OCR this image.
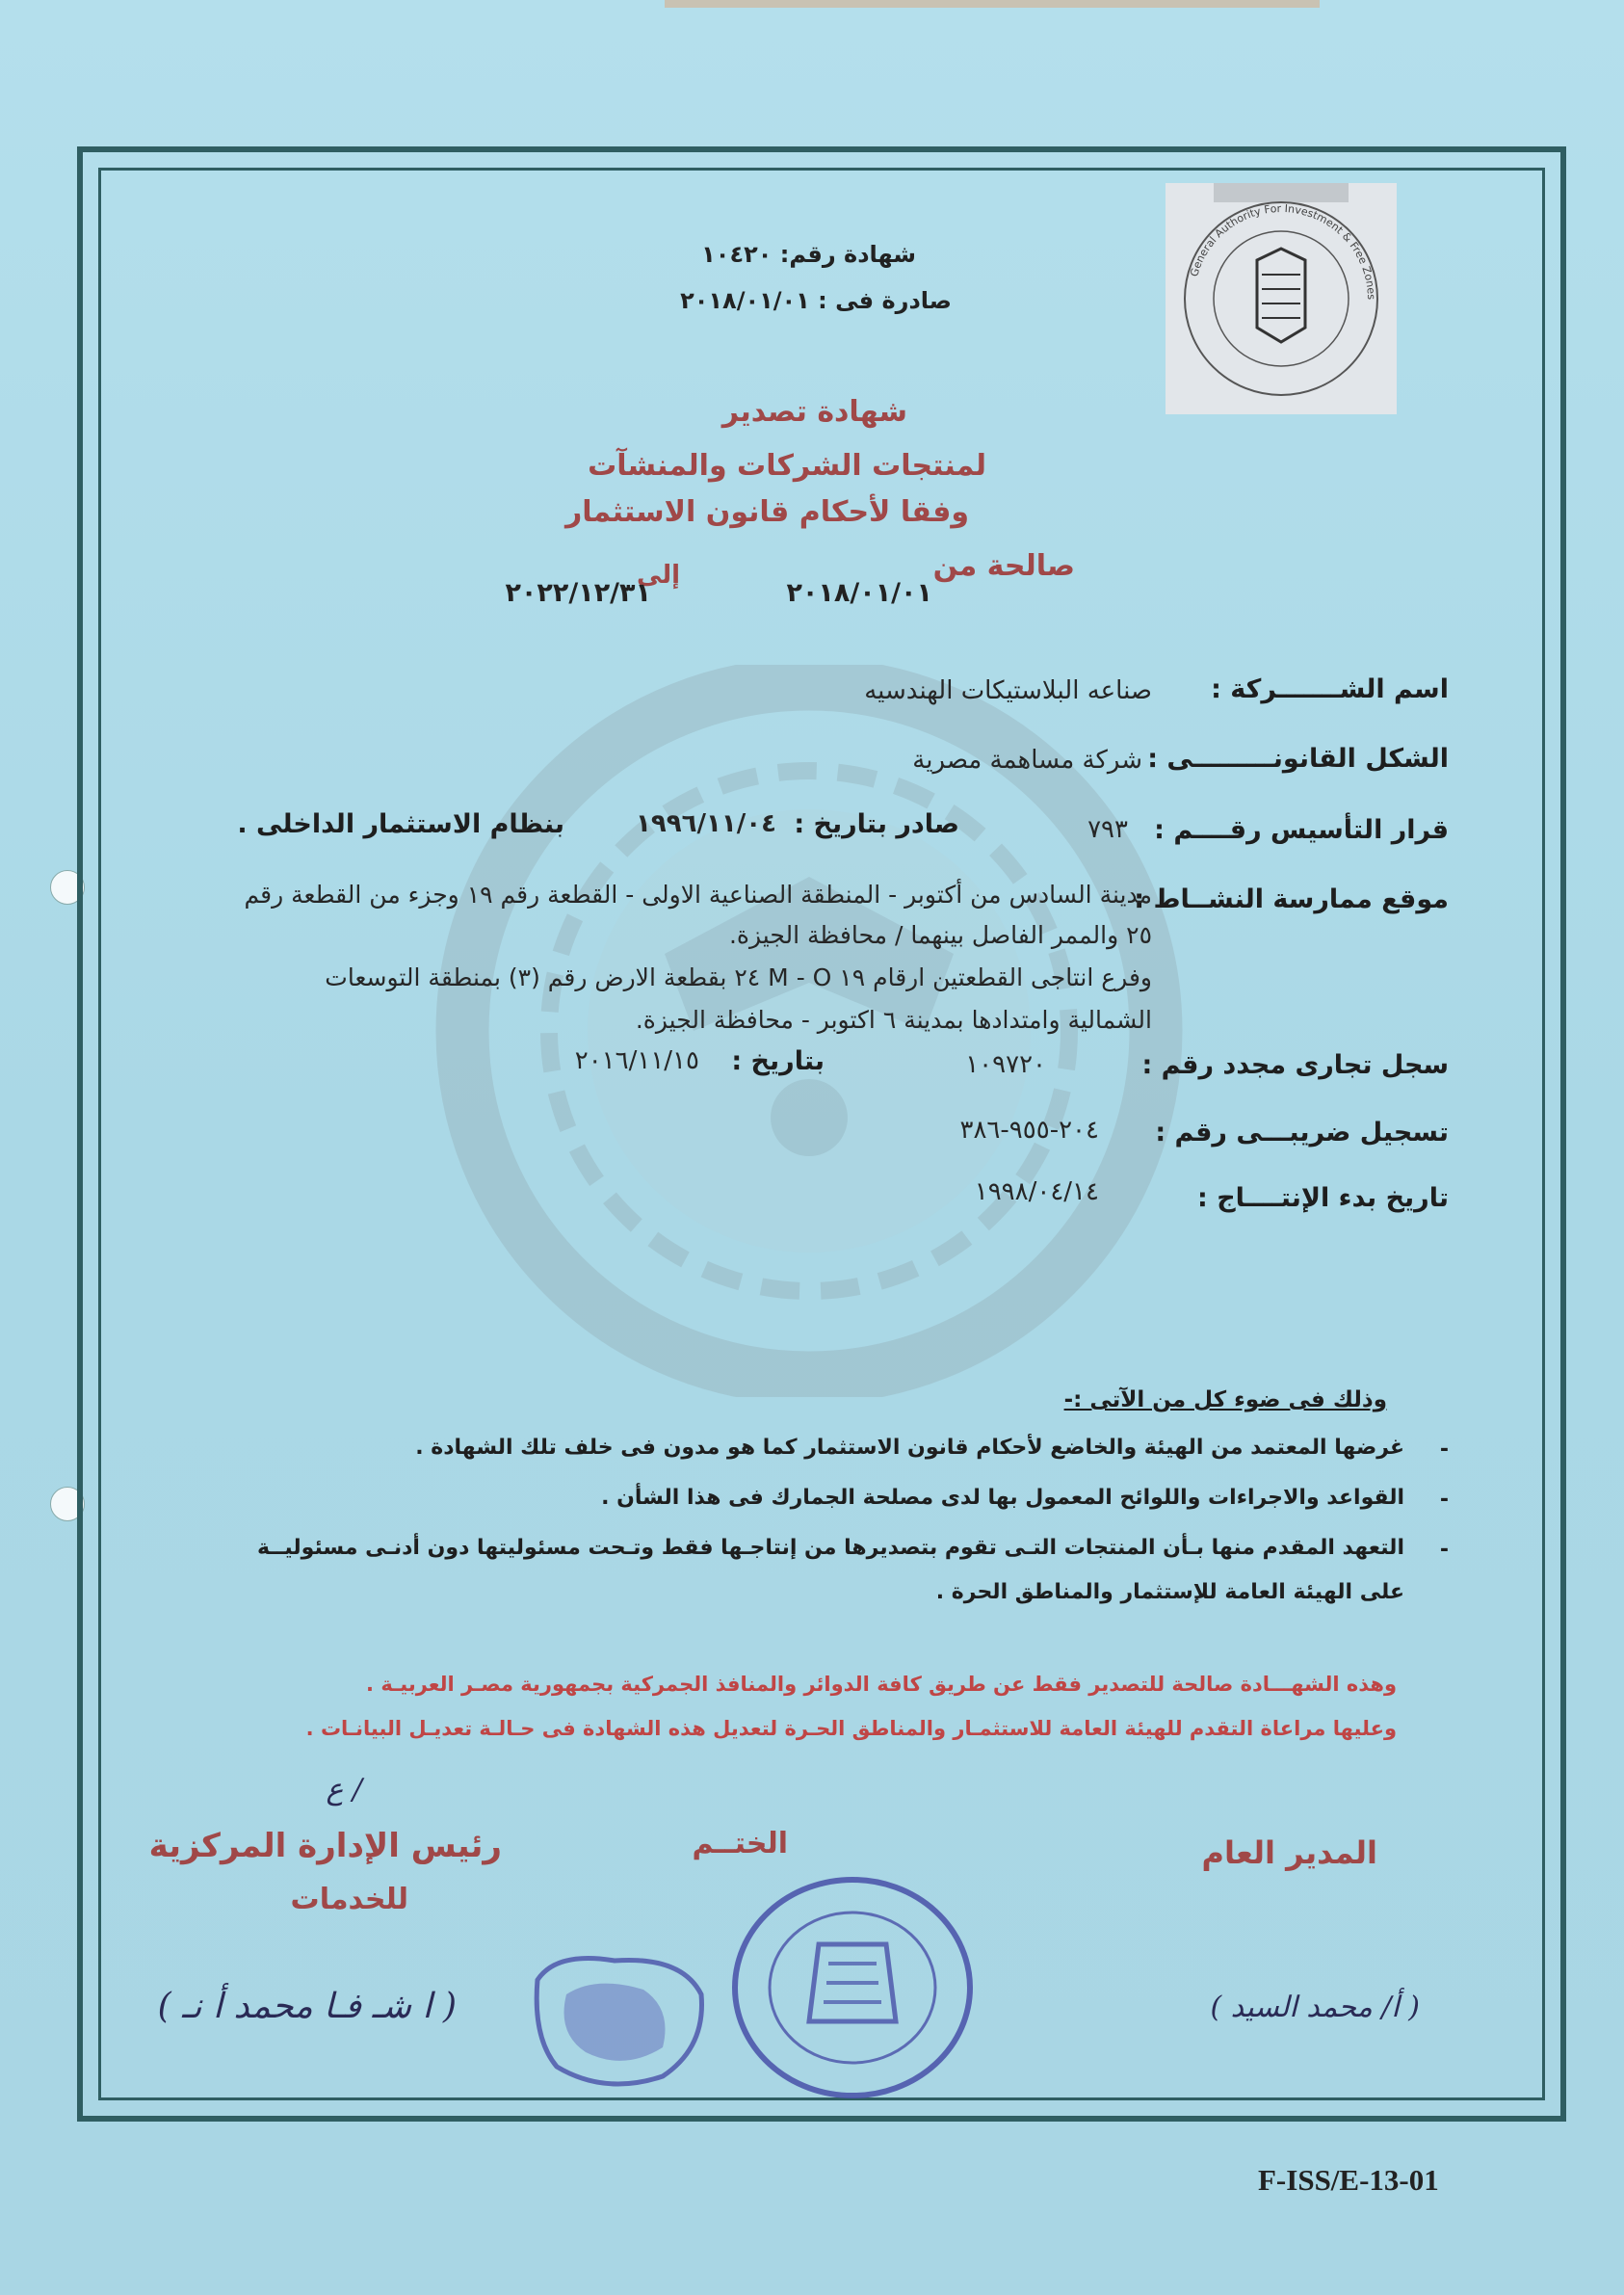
General Authority For Investment & Free Zones
شهادة رقم: ١٠٤٢٠
صادرة فى : ٢٠١٨/٠١/٠١
شهادة تصدير
لمنتجات الشركات والمنشآت
وفقا لأحكام قانون الاستثمار
صالحة من
٢٠١٨/٠١/٠١
إلى
٢٠٢٢/١٢/٣١
اسم الشـــــــركة :
صناعه البلاستيكات الهندسيه
الشكل القانونـــــــــى :
شركة مساهمة مصرية
قرار التأسيس رقــــم :
٧٩٣
صادر بتاريخ :
١٩٩٦/١١/٠٤
بنظام الاستثمار الداخلى .
موقع ممارسة النشــاط :
مدينة السادس من أكتوبر - المنطقة الصناعية الاولى - القطعة رقم ١٩ وجزء من القطعة رقم
٢٥ والممر الفاصل بينهما / محافظة الجيزة.
وفرع انتاجى القطعتين ارقام ١٩ M - O ٢٤ بقطعة الارض رقم (٣) بمنطقة التوسعات
الشمالية وامتدادها بمدينة ٦ اكتوبر - محافظة الجيزة.
سجل تجارى مجدد رقم :
١٠٩٧٢٠
بتاريخ :
٢٠١٦/١١/١٥
تسجيل ضريبـــى رقم :
٢٠٤-٩٥٥-٣٨٦
تاريخ بدء الإنتــــاج :
١٩٩٨/٠٤/١٤
وذلك فى ضوء كل من الآتى :-
-
غرضها المعتمد من الهيئة والخاضع لأحكام قانون الاستثمار كما هو مدون فى خلف تلك الشهادة .
-
القواعد والاجراءات واللوائح المعمول بها لدى مصلحة الجمارك فى هذا الشأن .
-
التعهد المقدم منها بـأن المنتجات التـى تقوم بتصديرها من إنتاجـها فقط وتـحت مسئوليتها دون أدنـى مسئوليــة
على الهيئة العامة للإستثمار والمناطق الحرة .
وهذه الشهـــادة صالحة للتصدير فقط عن طريق كافة الدوائر والمنافذ الجمركية بجمهورية مصـر العربيـة .
وعليها مراعاة التقدم للهيئة العامة للاستثمـار والمناطق الحـرة لتعديل هذه الشهادة فى حـالـة تعديـل البيانـات .
/ ع
رئيس الإدارة المركزية
للخدمات
( ا شـ فـا محمد أ نـ )
الختــم	المدير العام
( أ/ محمد السيد )
F-ISS/E-13-01
